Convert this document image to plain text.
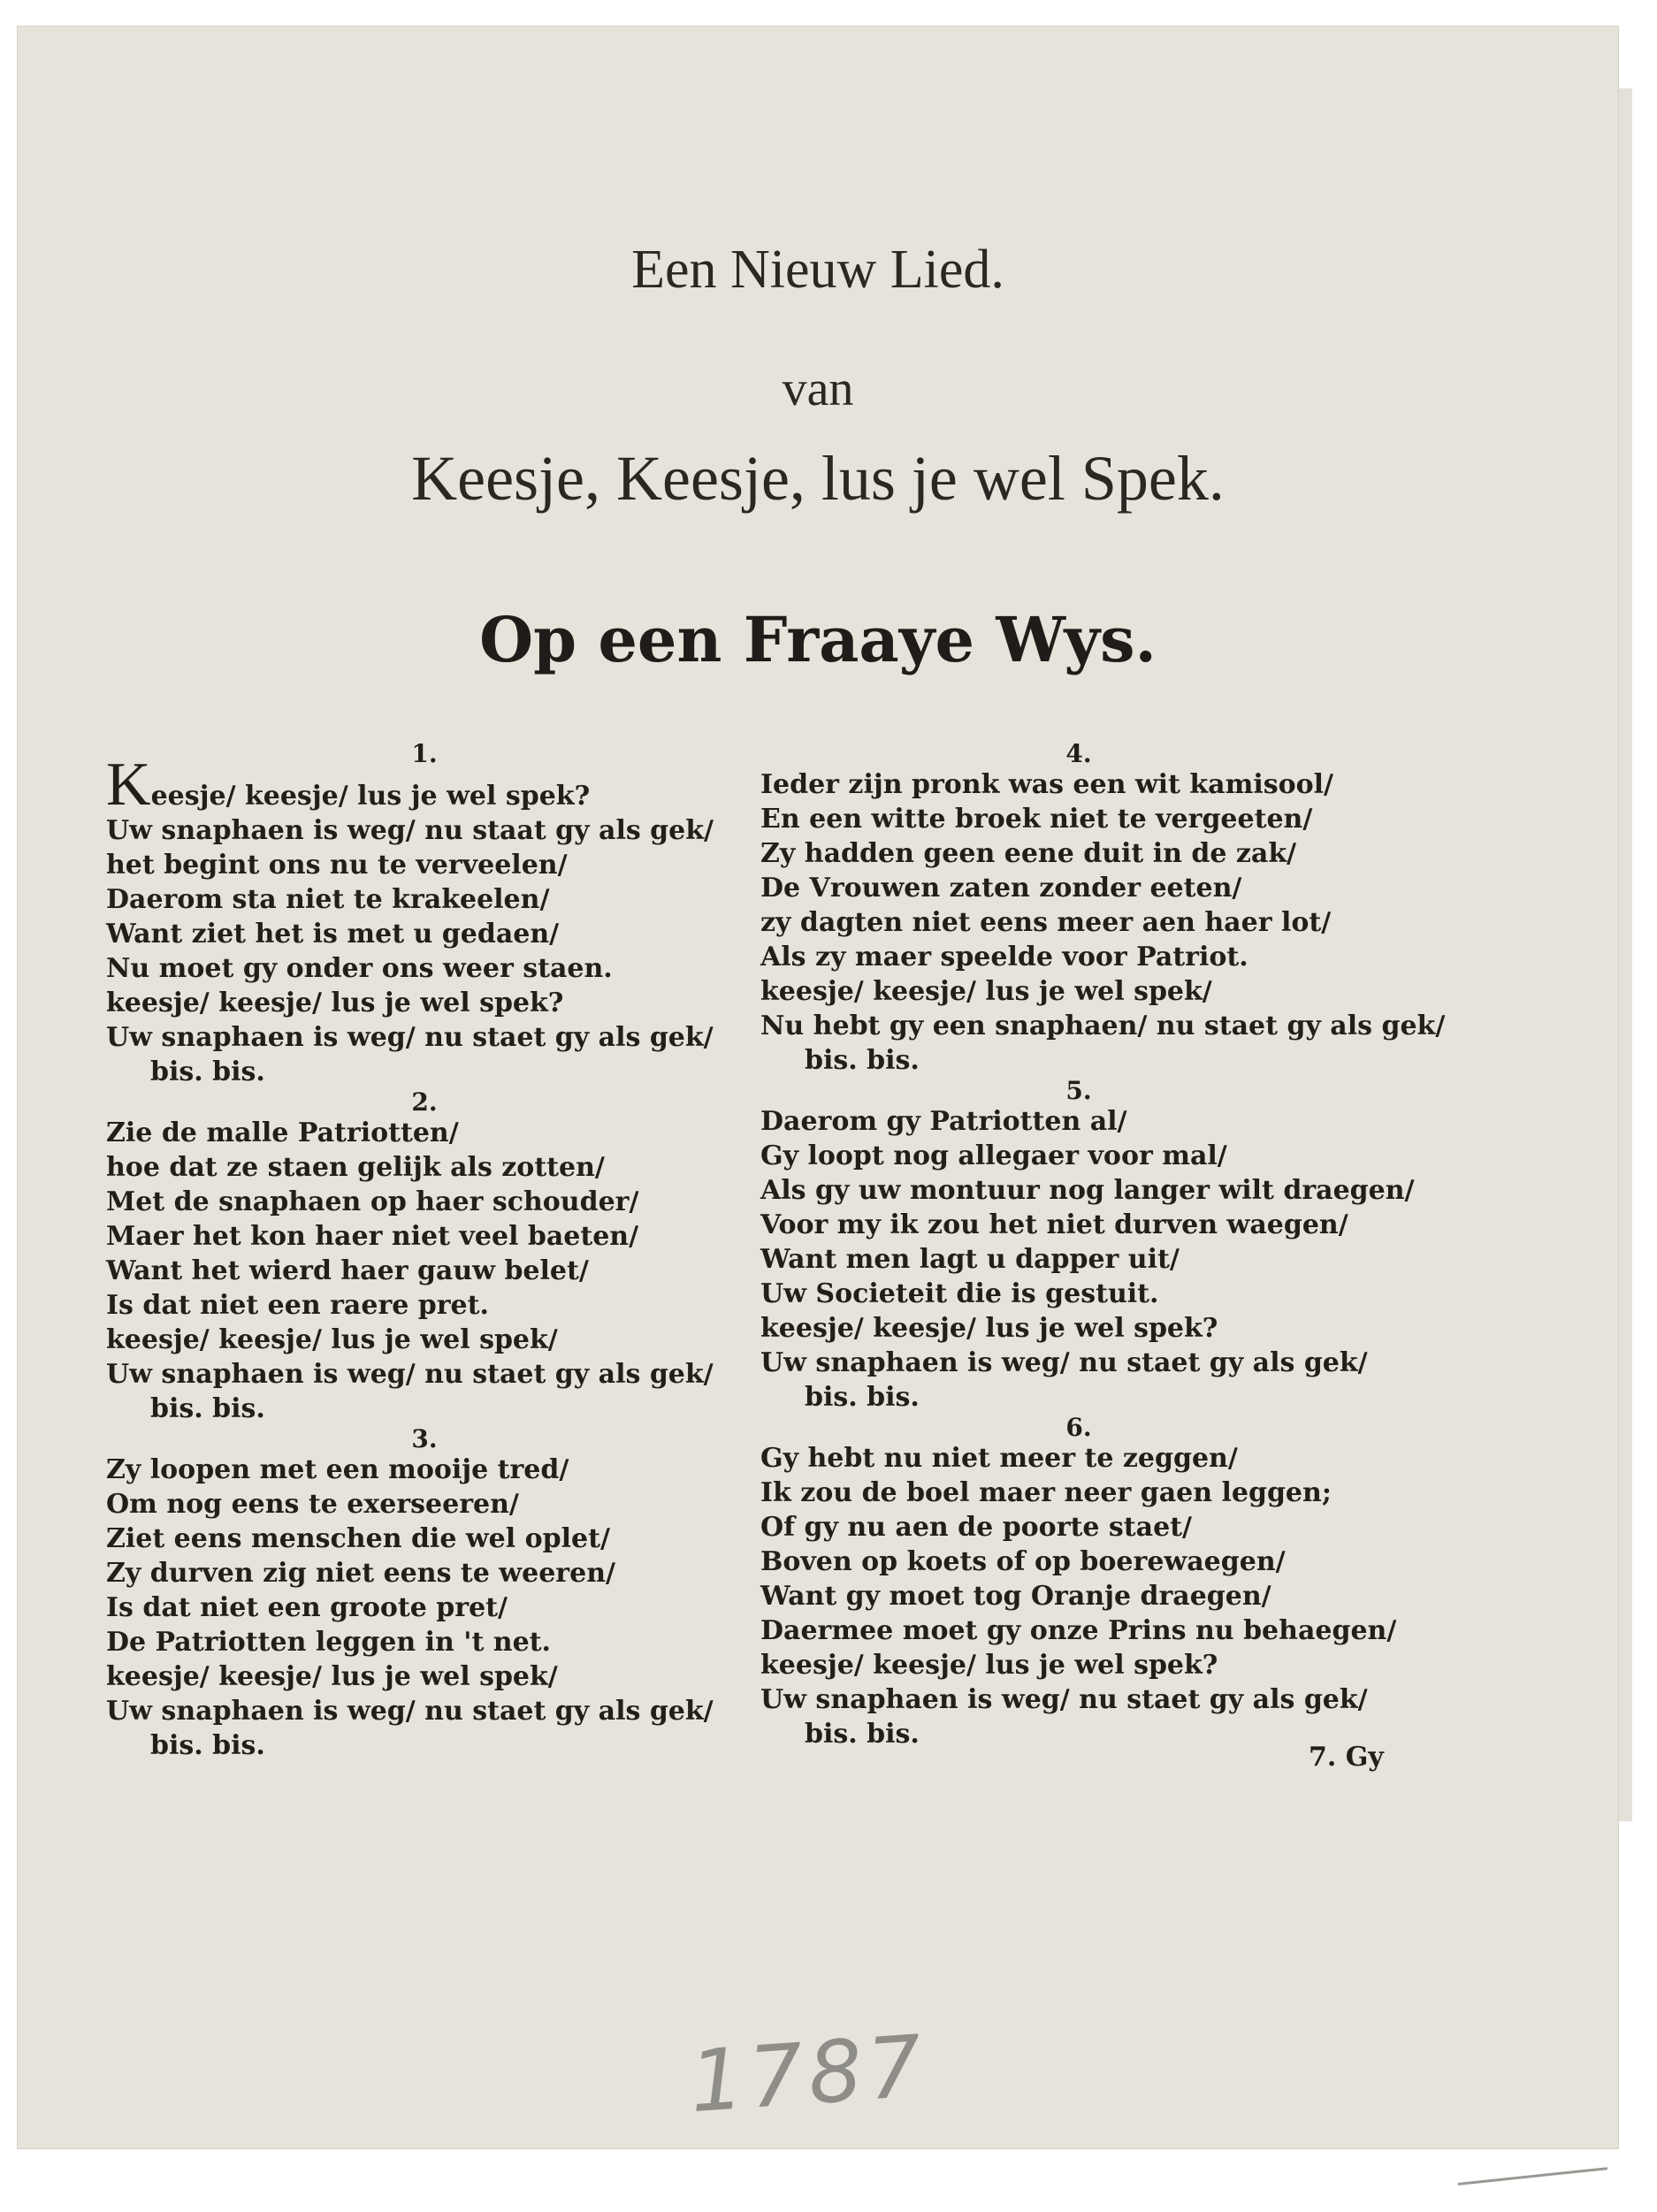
Een Nieuw Lied.
van
Keesje, Keesje, lus je wel Spek.
Op een Fraaye Wys.
1.
Keesje/ keesje/ lus je wel spek?
Uw snaphaen is weg/ nu staat gy als gek/
het begint ons nu te verveelen/
Daerom sta niet te krakeelen/
Want ziet het is met u gedaen/
Nu moet gy onder ons weer staen.
keesje/ keesje/ lus je wel spek?
Uw snaphaen is weg/ nu staet gy als gek/
bis. bis.
2.
Zie de malle Patriotten/
hoe dat ze staen gelijk als zotten/
Met de snaphaen op haer schouder/
Maer het kon haer niet veel baeten/
Want het wierd haer gauw belet/
Is dat niet een raere pret.
keesje/ keesje/ lus je wel spek/
Uw snaphaen is weg/ nu staet gy als gek/
bis. bis.
3.
Zy loopen met een mooije tred/
Om nog eens te exerseeren/
Ziet eens menschen die wel oplet/
Zy durven zig niet eens te weeren/
Is dat niet een groote pret/
De Patriotten leggen in 't net.
keesje/ keesje/ lus je wel spek/
Uw snaphaen is weg/ nu staet gy als gek/
bis. bis.
4.
Ieder zijn pronk was een wit kamisool/
En een witte broek niet te vergeeten/
Zy hadden geen eene duit in de zak/
De Vrouwen zaten zonder eeten/
zy dagten niet eens meer aen haer lot/
Als zy maer speelde voor Patriot.
keesje/ keesje/ lus je wel spek/
Nu hebt gy een snaphaen/ nu staet gy als gek/
bis. bis.
5.
Daerom gy Patriotten al/
Gy loopt nog allegaer voor mal/
Als gy uw montuur nog langer wilt draegen/
Voor my ik zou het niet durven waegen/
Want men lagt u dapper uit/
Uw Societeit die is gestuit.
keesje/ keesje/ lus je wel spek?
Uw snaphaen is weg/ nu staet gy als gek/
bis. bis.
6.
Gy hebt nu niet meer te zeggen/
Ik zou de boel maer neer gaen leggen;
Of gy nu aen de poorte staet/
Boven op koets of op boerewaegen/
Want gy moet tog Oranje draegen/
Daermee moet gy onze Prins nu behaegen/
keesje/ keesje/ lus je wel spek?
Uw snaphaen is weg/ nu staet gy als gek/
bis. bis.
7. Gy
1787
